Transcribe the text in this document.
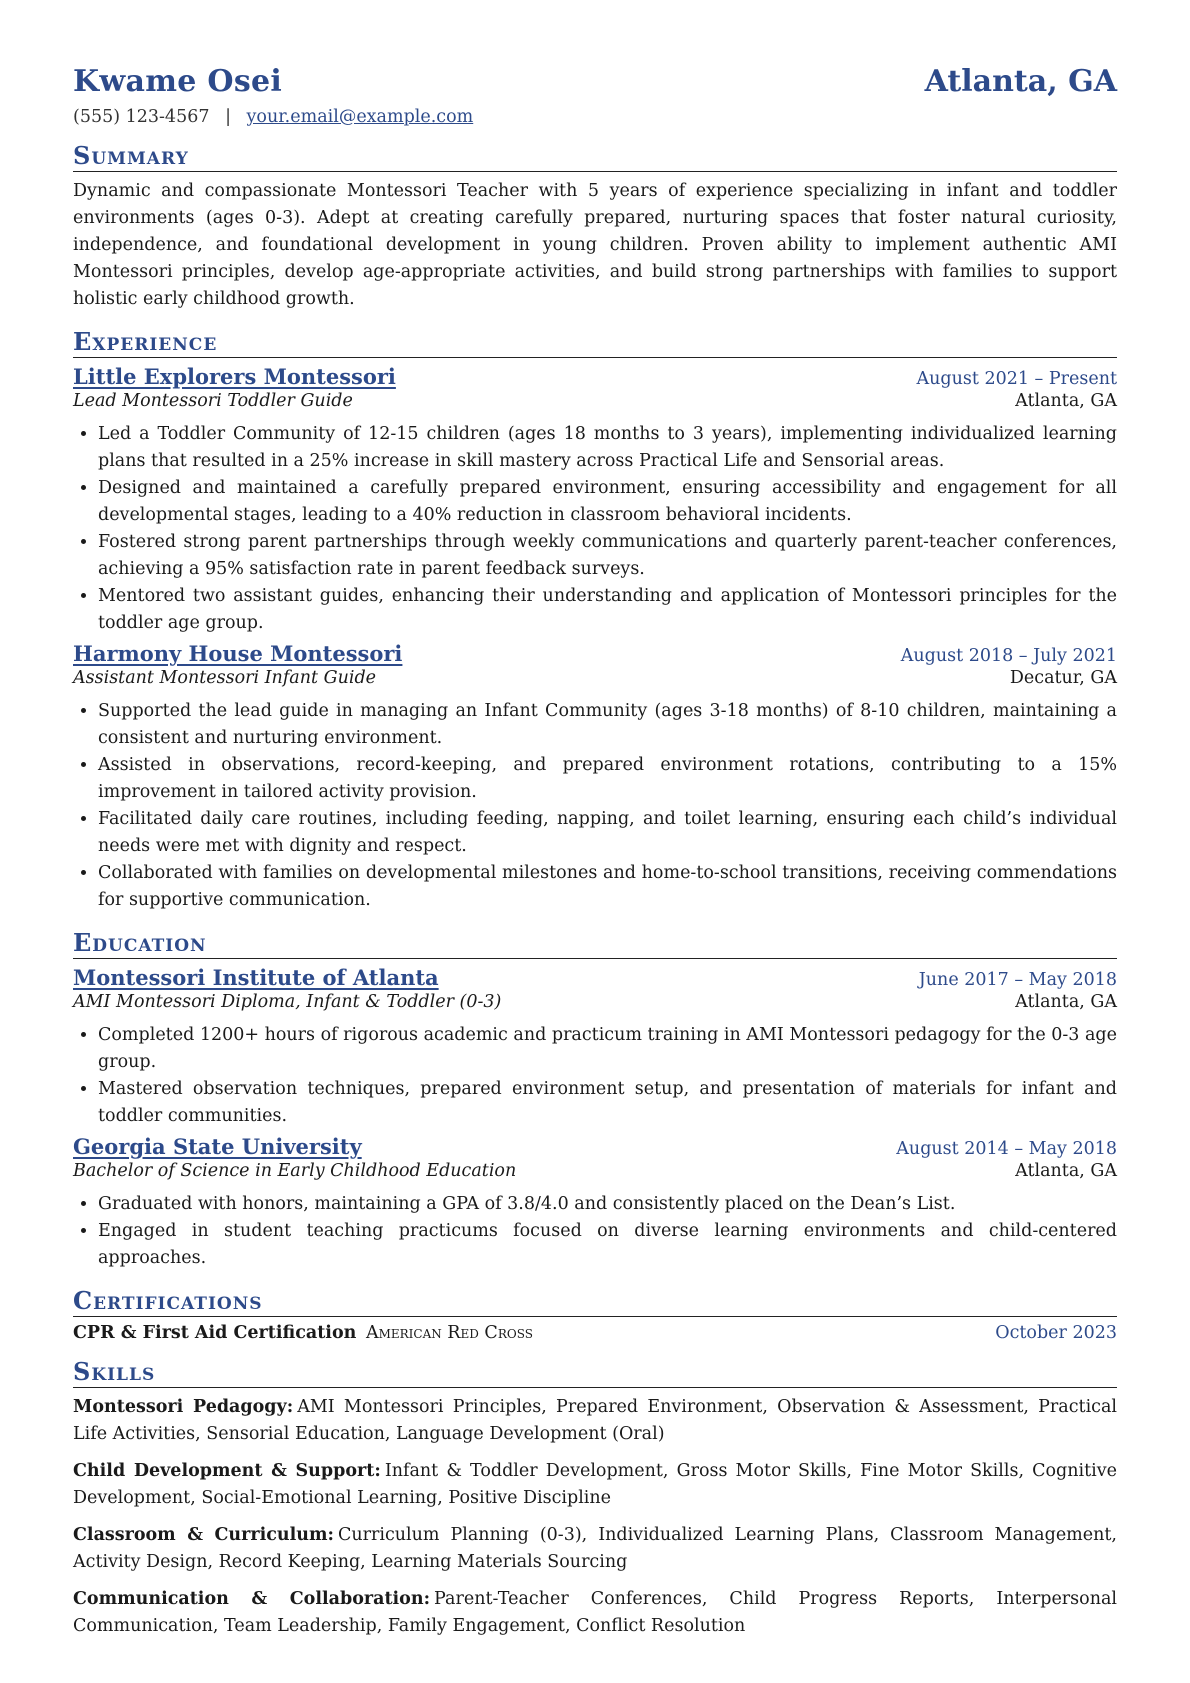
Kwame Osei	Atlanta, GA
(555) 123-4567 | your.email@example.com
Summary
Dynamic and compassionate Montessori Teacher with 5 years of experience specializing in infant and toddler environments (ages 0-3). Adept at creating carefully prepared, nurturing spaces that foster natural curiosity, independence, and foundational development in young children. Proven ability to implement authentic AMI Montessori principles, develop age-appropriate activities, and build strong partnerships with families to support holistic early childhood growth.
Experience
Little Explorers Montessori	August 2021 – Present
Lead Montessori Toddler Guide	Atlanta, GA
• Led a Toddler Community of 12-15 children (ages 18 months to 3 years), implementing individualized learning plans that resulted in a 25% increase in skill mastery across Practical Life and Sensorial areas.
• Designed and maintained a carefully prepared environment, ensuring accessibility and engagement for all developmental stages, leading to a 40% reduction in classroom behavioral incidents.
• Fostered strong parent partnerships through weekly communications and quarterly parent-teacher conferences, achieving a 95% satisfaction rate in parent feedback surveys.
• Mentored two assistant guides, enhancing their understanding and application of Montessori principles for the toddler age group.
Harmony House Montessori	August 2018 – July 2021
Assistant Montessori Infant Guide	Decatur, GA
• Supported the lead guide in managing an Infant Community (ages 3-18 months) of 8-10 children, maintaining a consistent and nurturing environment.
• Assisted in observations, record-keeping, and prepared environment rotations, contributing to a 15% improvement in tailored activity provision.
• Facilitated daily care routines, including feeding, napping, and toilet learning, ensuring each child’s individual needs were met with dignity and respect.
• Collaborated with families on developmental milestones and home-to-school transitions, receiving commendations for supportive communication.
Education
Montessori Institute of Atlanta	June 2017 – May 2018
AMI Montessori Diploma, Infant & Toddler (0-3)	Atlanta, GA
• Completed 1200+ hours of rigorous academic and practicum training in AMI Montessori pedagogy for the 0-3 age group.
• Mastered observation techniques, prepared environment setup, and presentation of materials for infant and toddler communities.
Georgia State University	August 2014 – May 2018
Bachelor of Science in Early Childhood Education	Atlanta, GA
• Graduated with honors, maintaining a GPA of 3.8/4.0 and consistently placed on the Dean’s List.
• Engaged in student teaching practicums focused on diverse learning environments and child-centered approaches.
Certifications
CPR & First Aid Certification American Red Cross	October 2023
Skills
Montessori Pedagogy: AMI Montessori Principles, Prepared Environment, Observation & Assessment, Practical Life Activities, Sensorial Education, Language Development (Oral)
Child Development & Support: Infant & Toddler Development, Gross Motor Skills, Fine Motor Skills, Cognitive Development, Social-Emotional Learning, Positive Discipline
Classroom & Curriculum: Curriculum Planning (0-3), Individualized Learning Plans, Classroom Management, Activity Design, Record Keeping, Learning Materials Sourcing
Communication & Collaboration: Parent-Teacher Conferences, Child Progress Reports, Interpersonal Communication, Team Leadership, Family Engagement, Conflict Resolution
